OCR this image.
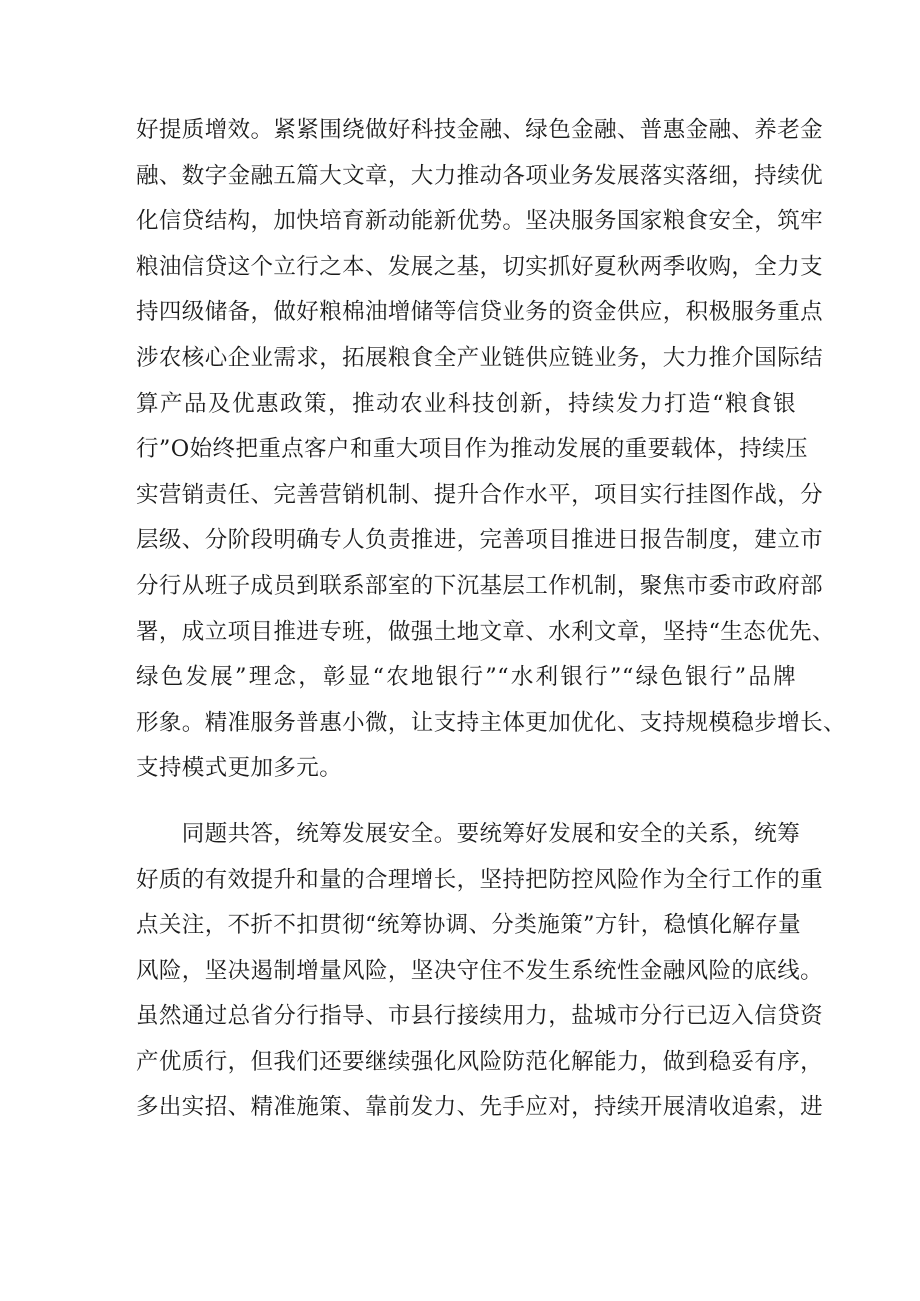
好提质增效。紧紧围绕做好科技金融、绿色金融、普惠金融、养老金
融、数字金融五篇大文章，大力推动各项业务发展落实落细，持续优
化信贷结构，加快培育新动能新优势。坚决服务国家粮食安全，筑牢
粮油信贷这个立行之本、发展之基，切实抓好夏秋两季收购，全力支
持四级储备，做好粮棉油增储等信贷业务的资金供应，积极服务重点
涉农核心企业需求，拓展粮食全产业链供应链业务，大力推介国际结
算产品及优惠政策，推动农业科技创新，持续发力打造“粮食银
行”O始终把重点客户和重大项目作为推动发展的重要载体，持续压
实营销责任、完善营销机制、提升合作水平，项目实行挂图作战，分
层级、分阶段明确专人负责推进，完善项目推进日报告制度，建立市
分行从班子成员到联系部室的下沉基层工作机制，聚焦市委市政府部
署，成立项目推进专班，做强土地文章、水利文章，坚持“生态优先、
绿色发展”理念，彰显“农地银行”“水利银行”“绿色银行”品牌
形象。精准服务普惠小微，让支持主体更加优化、支持规模稳步增长、
支持模式更加多元。
　　同题共答，统筹发展安全。要统筹好发展和安全的关系，统筹
好质的有效提升和量的合理增长，坚持把防控风险作为全行工作的重
点关注，不折不扣贯彻“统筹协调、分类施策”方针，稳慎化解存量
风险，坚决遏制增量风险，坚决守住不发生系统性金融风险的底线。
虽然通过总省分行指导、市县行接续用力，盐城市分行已迈入信贷资
产优质行，但我们还要继续强化风险防范化解能力，做到稳妥有序，
多出实招、精准施策、靠前发力、先手应对，持续开展清收追索，进
